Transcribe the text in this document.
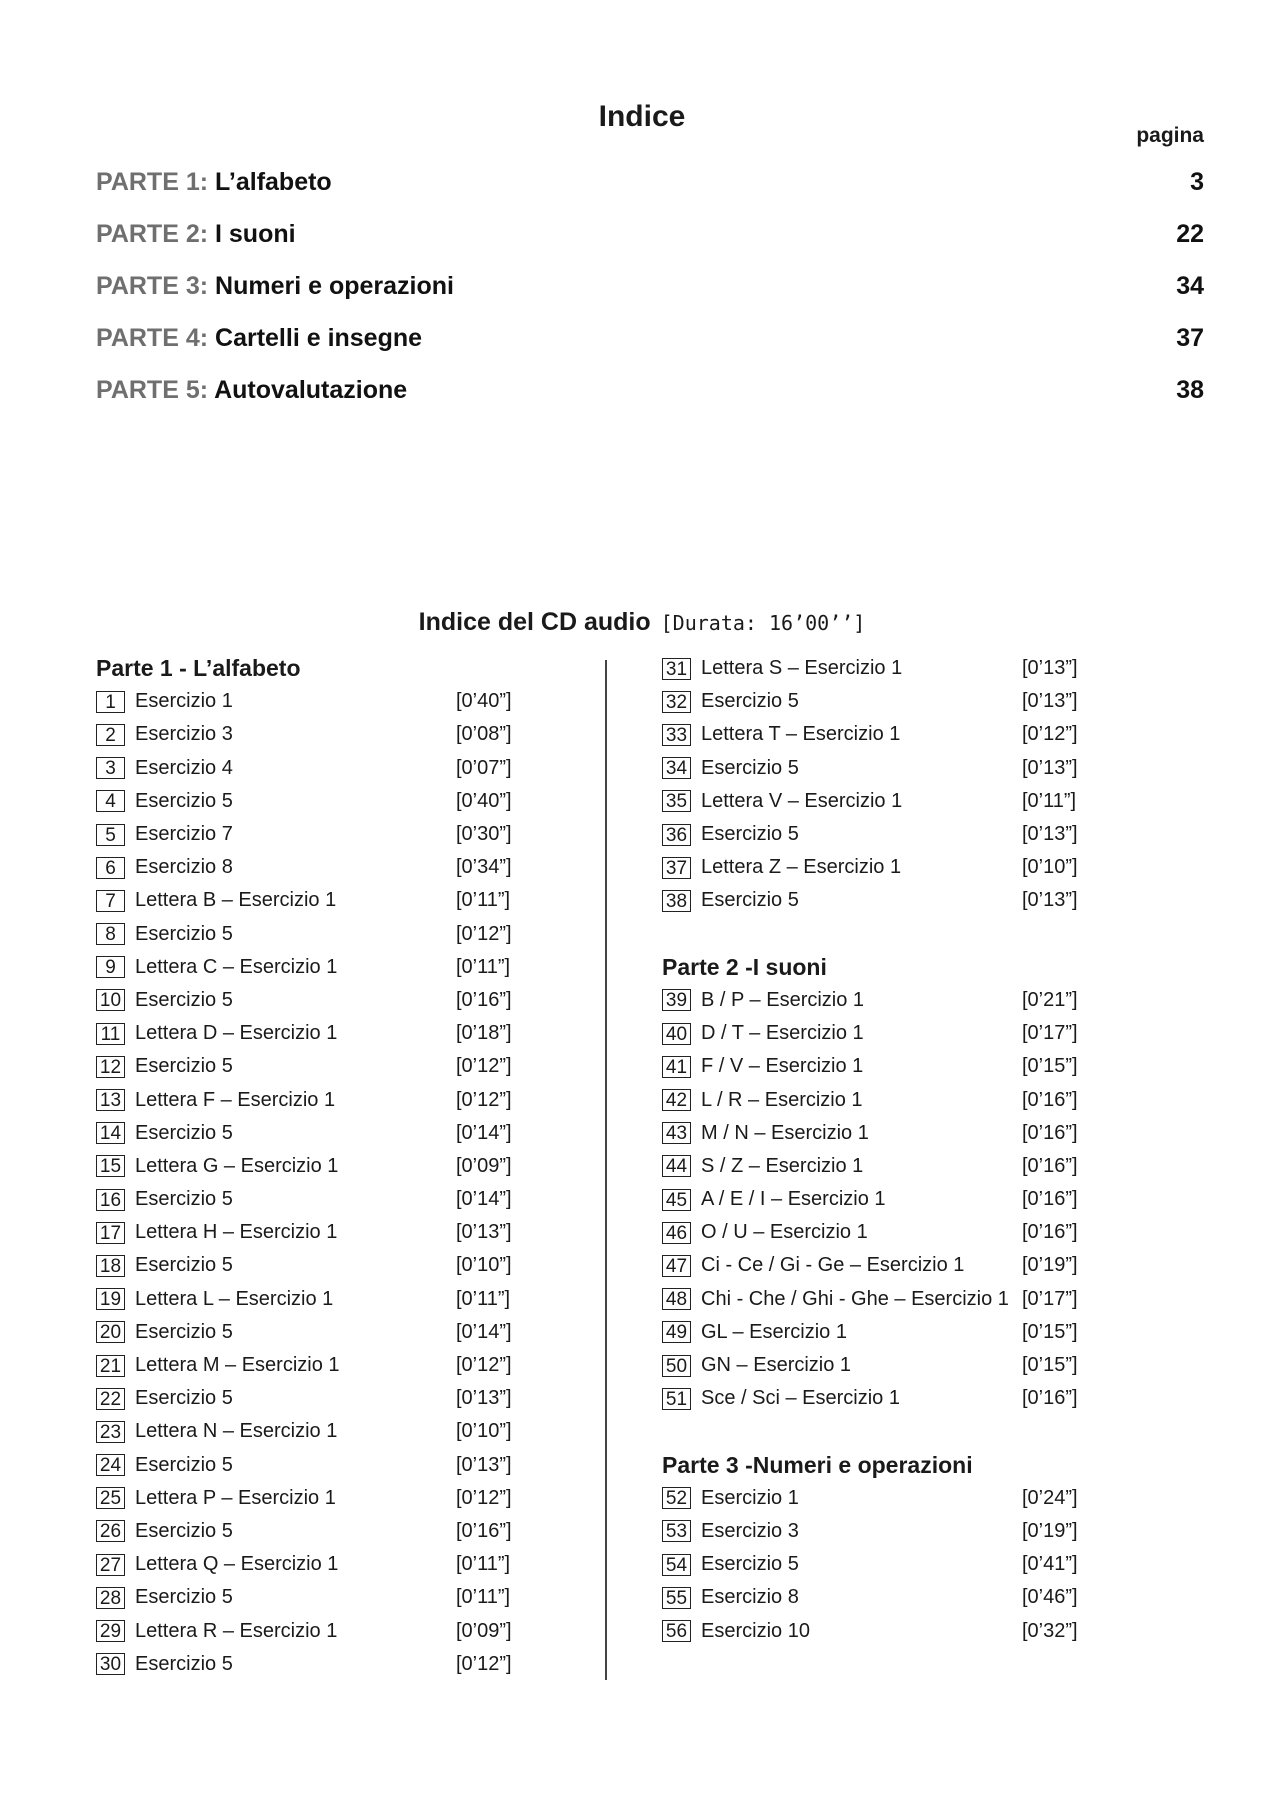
Indice
pagina
PARTE 1: L’alfabeto	3
PARTE 2: I suoni	22
PARTE 3: Numeri e operazioni	34
PARTE 4: Cartelli e insegne	37
PARTE 5: Autovalutazione	38
Indice del CD audio [Durata: 16’00’’]
Parte 1 - L’alfabeto
1 Esercizio 1	[0’40”]
2 Esercizio 3	[0’08”]
3 Esercizio 4	[0’07”]
4 Esercizio 5	[0’40”]
5 Esercizio 7	[0’30”]
6 Esercizio 8	[0’34”]
7 Lettera B – Esercizio 1	[0’11”]
8 Esercizio 5	[0’12”]
9 Lettera C – Esercizio 1	[0’11”]
10 Esercizio 5	[0’16”]
11 Lettera D – Esercizio 1	[0’18”]
12 Esercizio 5	[0’12”]
13 Lettera F – Esercizio 1	[0’12”]
14 Esercizio 5	[0’14”]
15 Lettera G – Esercizio 1	[0’09”]
16 Esercizio 5	[0’14”]
17 Lettera H – Esercizio 1	[0’13”]
18 Esercizio 5	[0’10”]
19 Lettera L – Esercizio 1	[0’11”]
20 Esercizio 5	[0’14”]
21 Lettera M – Esercizio 1	[0’12”]
22 Esercizio 5	[0’13”]
23 Lettera N – Esercizio 1	[0’10”]
24 Esercizio 5	[0’13”]
25 Lettera P – Esercizio 1	[0’12”]
26 Esercizio 5	[0’16”]
27 Lettera Q – Esercizio 1	[0’11”]
28 Esercizio 5	[0’11”]
29 Lettera R – Esercizio 1	[0’09”]
30 Esercizio 5	[0’12”]
31 Lettera S – Esercizio 1	[0’13”]
32 Esercizio 5	[0’13”]
33 Lettera T – Esercizio 1	[0’12”]
34 Esercizio 5	[0’13”]
35 Lettera V – Esercizio 1	[0’11”]
36 Esercizio 5	[0’13”]
37 Lettera Z – Esercizio 1	[0’10”]
38 Esercizio 5	[0’13”]
Parte 2 -I suoni
39 B / P – Esercizio 1	[0’21”]
40 D / T – Esercizio 1	[0’17”]
41 F / V – Esercizio 1	[0’15”]
42 L / R – Esercizio 1	[0’16”]
43 M / N – Esercizio 1	[0’16”]
44 S / Z – Esercizio 1	[0’16”]
45 A / E / I – Esercizio 1	[0’16”]
46 O / U – Esercizio 1	[0’16”]
47 Ci - Ce / Gi - Ge – Esercizio 1	[0’19”]
48 Chi - Che / Ghi - Ghe – Esercizio 1 [0’17”]
49 GL – Esercizio 1	[0’15”]
50 GN – Esercizio 1	[0’15”]
51 Sce / Sci – Esercizio 1	[0’16”]
Parte 3 -Numeri e operazioni
52 Esercizio 1	[0’24”]
53 Esercizio 3	[0’19”]
54 Esercizio 5	[0’41”]
55 Esercizio 8	[0’46”]
56 Esercizio 10	[0’32”]
